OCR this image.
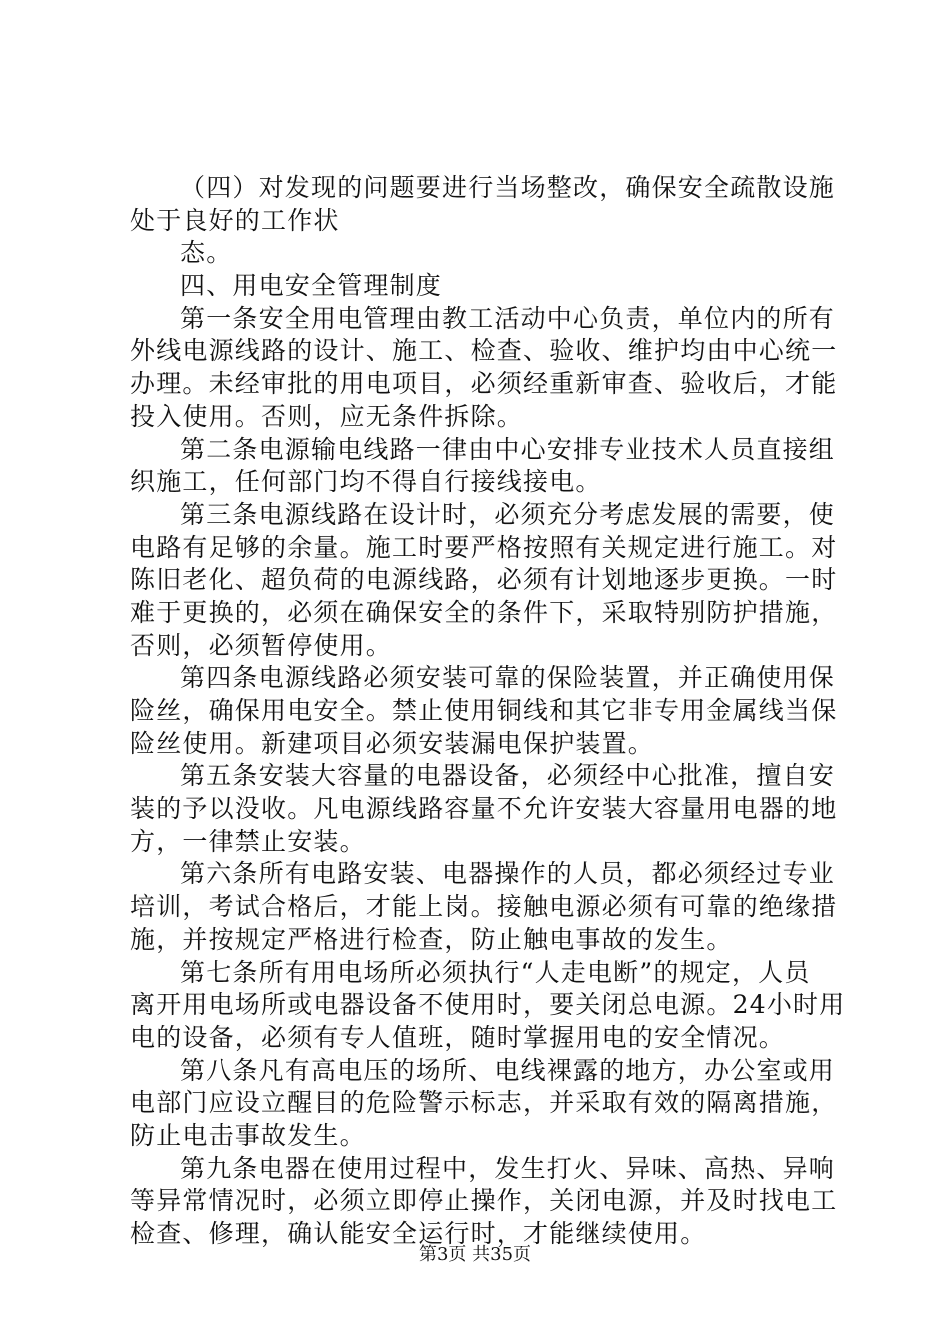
（四）对发现的问题要进行当场整改，确保安全疏散设施
处于良好的工作状
态。
四、用电安全管理制度
第一条安全用电管理由教工活动中心负责，单位内的所有
外线电源线路的设计、施工、检查、验收、维护均由中心统一
办理。未经审批的用电项目，必须经重新审查、验收后，才能
投入使用。否则，应无条件拆除。
第二条电源输电线路一律由中心安排专业技术人员直接组
织施工，任何部门均不得自行接线接电。
第三条电源线路在设计时，必须充分考虑发展的需要，使
电路有足够的余量。施工时要严格按照有关规定进行施工。对
陈旧老化、超负荷的电源线路，必须有计划地逐步更换。一时
难于更换的，必须在确保安全的条件下，采取特别防护措施，
否则，必须暂停使用。
第四条电源线路必须安装可靠的保险装置，并正确使用保
险丝，确保用电安全。禁止使用铜线和其它非专用金属线当保
险丝使用。新建项目必须安装漏电保护装置。
第五条安装大容量的电器设备，必须经中心批准，擅自安
装的予以没收。凡电源线路容量不允许安装大容量用电器的地
方，一律禁止安装。
第六条所有电路安装、电器操作的人员，都必须经过专业
培训，考试合格后，才能上岗。接触电源必须有可靠的绝缘措
施，并按规定严格进行检查，防止触电事故的发生。
第七条所有用电场所必须执行“人走电断”的规定，人员
离开用电场所或电器设备不使用时，要关闭总电源。24小时用
电的设备，必须有专人值班，随时掌握用电的安全情况。
第八条凡有高电压的场所、电线裸露的地方，办公室或用
电部门应设立醒目的危险警示标志，并采取有效的隔离措施，
防止电击事故发生。
第九条电器在使用过程中，发生打火、异味、高热、异响
等异常情况时，必须立即停止操作，关闭电源，并及时找电工
检查、修理，确认能安全运行时，才能继续使用。
第3页 共35页
